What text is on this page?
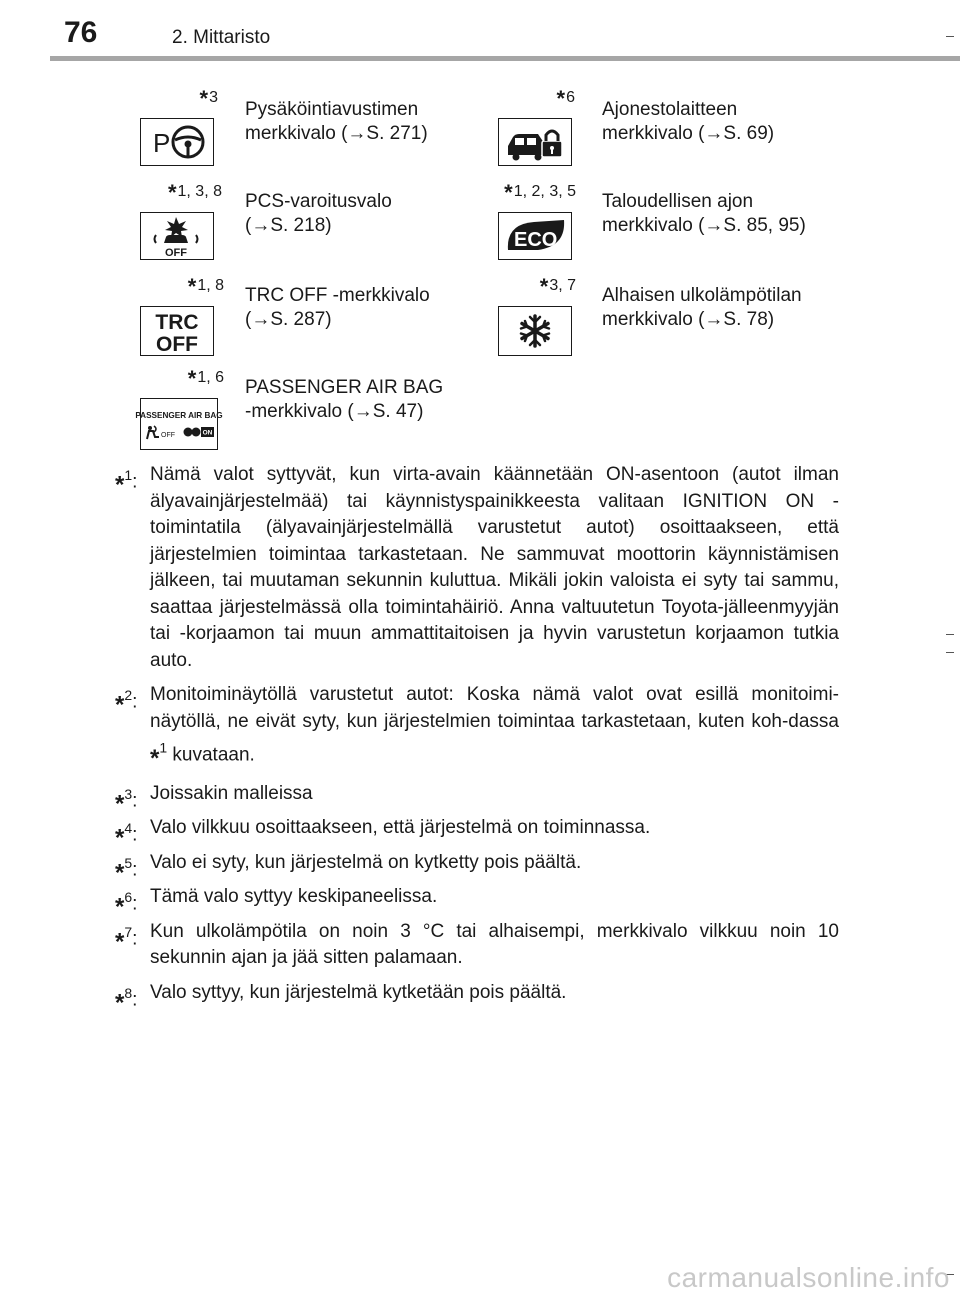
76	2. Mittaristo
*3
P
Pysäköintiavustimen
merkkivalo (→S. 271)
*6
Ajonestolaitteen
merkkivalo (→S. 69)
*1, 3, 8
OFF
PCS-varoitusvalo
(→S. 218)
*1, 2, 3, 5
ECO
Taloudellisen ajon
merkkivalo (→S. 85, 95)
*1, 8
TRC
OFF
TRC OFF -merkkivalo
(→S. 287)
*3, 7 Alhaisen ulkolämpötilan
merkkivalo (→S. 78)
*1, 6
PASSENGER AIR BAG
OFF	ON
PASSENGER AIR BAG
-merkkivalo (→S. 47)
*$^1$: Nämä valot syttyvät, kun virta-avain käännetään ON-asentoon (autot ilman älyavainjärjestelmää) tai käynnistyspainikkeesta valitaan IGNITION ON -toimintatila (älyavainjärjestelmällä varustetut autot) osoittaakseen, että järjestelmien toimintaa tarkastetaan. Ne sammuvat moottorin käynnistämisen jälkeen, tai muutaman sekunnin kuluttua. Mikäli jokin valoista ei syty tai sammu, saattaa järjestelmässä olla toimintahäiriö. Anna valtuutetun Toyota-jälleenmyyjän tai -korjaamon tai muun ammattitaitoisen ja hyvin varustetun korjaamon tutkia auto.
*$^2$: Monitoiminäytöllä varustetut autot: Koska nämä valot ovat esillä monitoimi-näytöllä, ne eivät syty, kun järjestelmien toimintaa tarkastetaan, kuten koh-dassa *$^1$ kuvataan.
*$^3$: Joissakin malleissa
*$^4$: Valo vilkkuu osoittaakseen, että järjestelmä on toiminnassa.
*$^5$: Valo ei syty, kun järjestelmä on kytketty pois päältä.
*$^6$: Tämä valo syttyy keskipaneelissa.
*$^7$: Kun ulkolämpötila on noin 3 °C tai alhaisempi, merkkivalo vilkkuu noin 10 sekunnin ajan ja jää sitten palamaan.
*$^8$: Valo syttyy, kun järjestelmä kytketään pois päältä.
carmanualsonline.info
